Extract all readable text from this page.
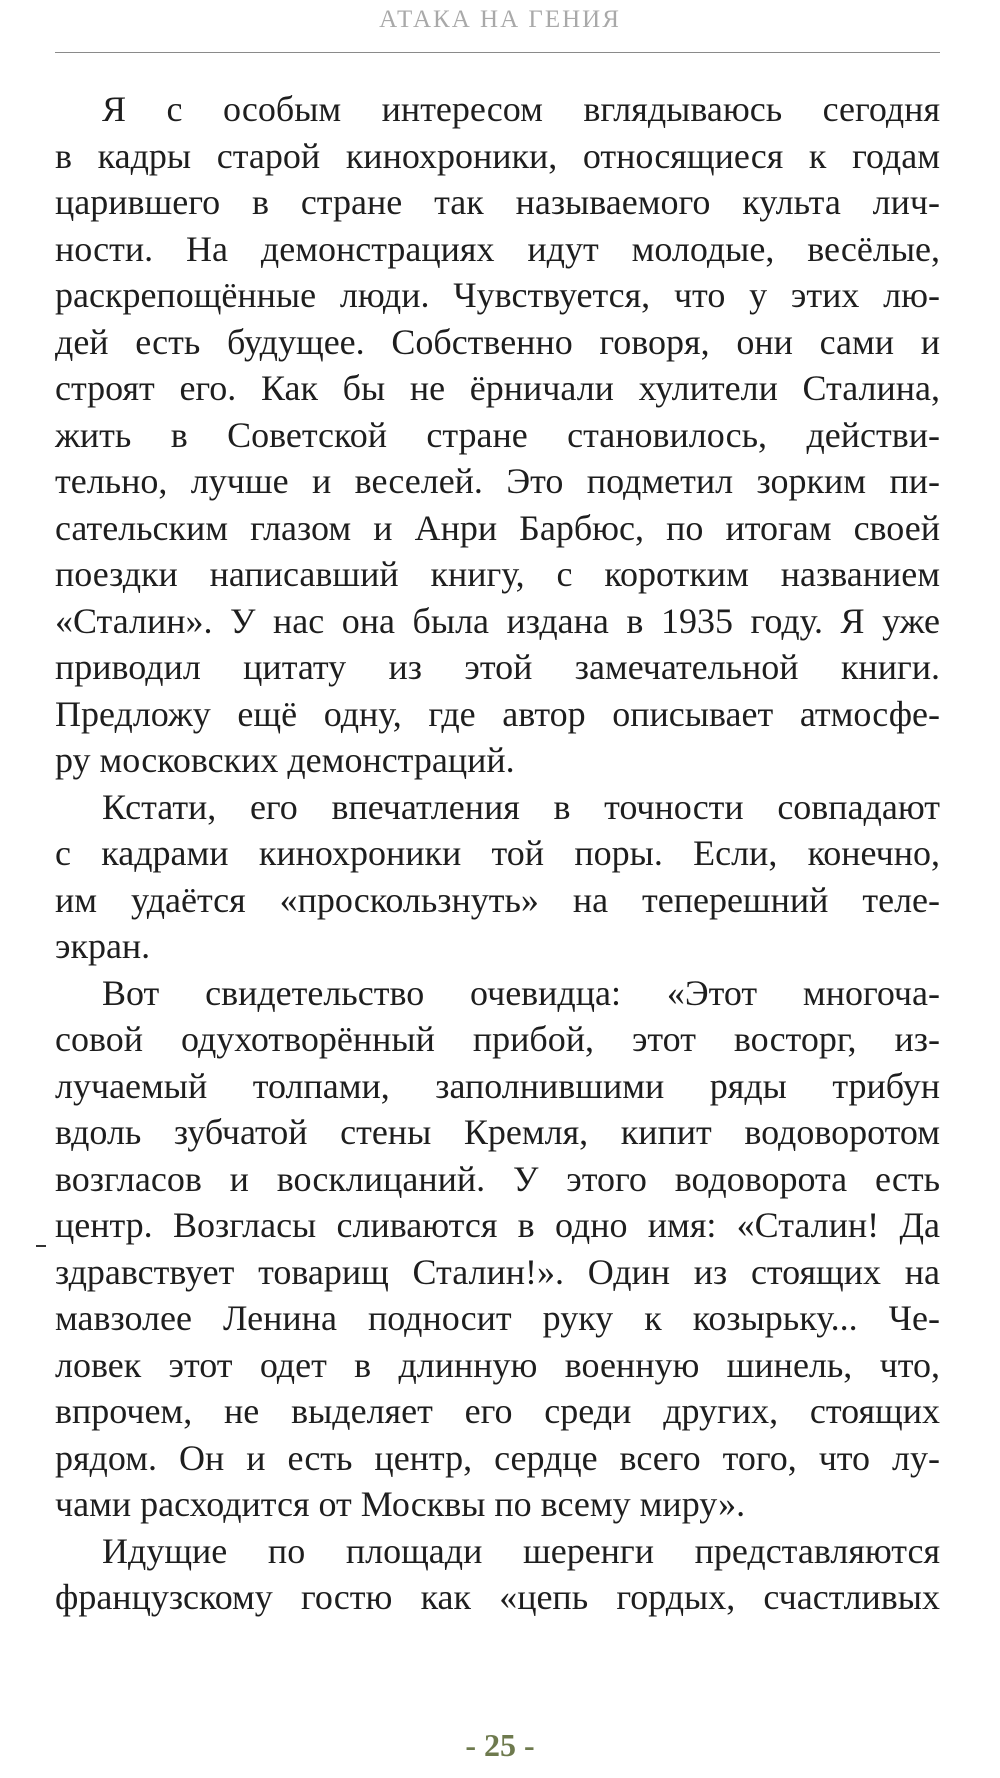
АТАКА НА ГЕНИЯ
Я с особым интересом вглядываюсь сегодня
в кадры старой кинохроники, относящиеся к годам
царившего в стране так называемого культа лич-
ности. На демонстрациях идут молодые, весёлые,
раскрепощённые люди. Чувствуется, что у этих лю-
дей есть будущее. Собственно говоря, они сами и
строят его. Как бы не ёрничали хулители Сталина,
жить в Советской стране становилось, действи-
тельно, лучше и веселей. Это подметил зорким пи-
сательским глазом и Анри Барбюс, по итогам своей
поездки написавший книгу, с коротким названием
«Сталин». У нас она была издана в 1935 году. Я уже
приводил цитату из этой замечательной книги.
Предложу ещё одну, где автор описывает атмосфе-
ру московских демонстраций.
Кстати, его впечатления в точности совпадают
с кадрами кинохроники той поры. Если, конечно,
им удаётся «проскользнуть» на теперешний теле-
экран.
Вот свидетельство очевидца: «Этот многоча-
совой одухотворённый прибой, этот восторг, из-
лучаемый толпами, заполнившими ряды трибун
вдоль зубчатой стены Кремля, кипит водоворотом
возгласов и восклицаний. У этого водоворота есть
центр. Возгласы сливаются в одно имя: «Сталин! Да
здравствует товарищ Сталин!». Один из стоящих на
мавзолее Ленина подносит руку к козырьку... Че-
ловек этот одет в длинную военную шинель, что,
впрочем, не выделяет его среди других, стоящих
рядом. Он и есть центр, сердце всего того, что лу-
чами расходится от Москвы по всему миру».
Идущие по площади шеренги представляются
французскому гостю как «цепь гордых, счастливых
- 25 -
